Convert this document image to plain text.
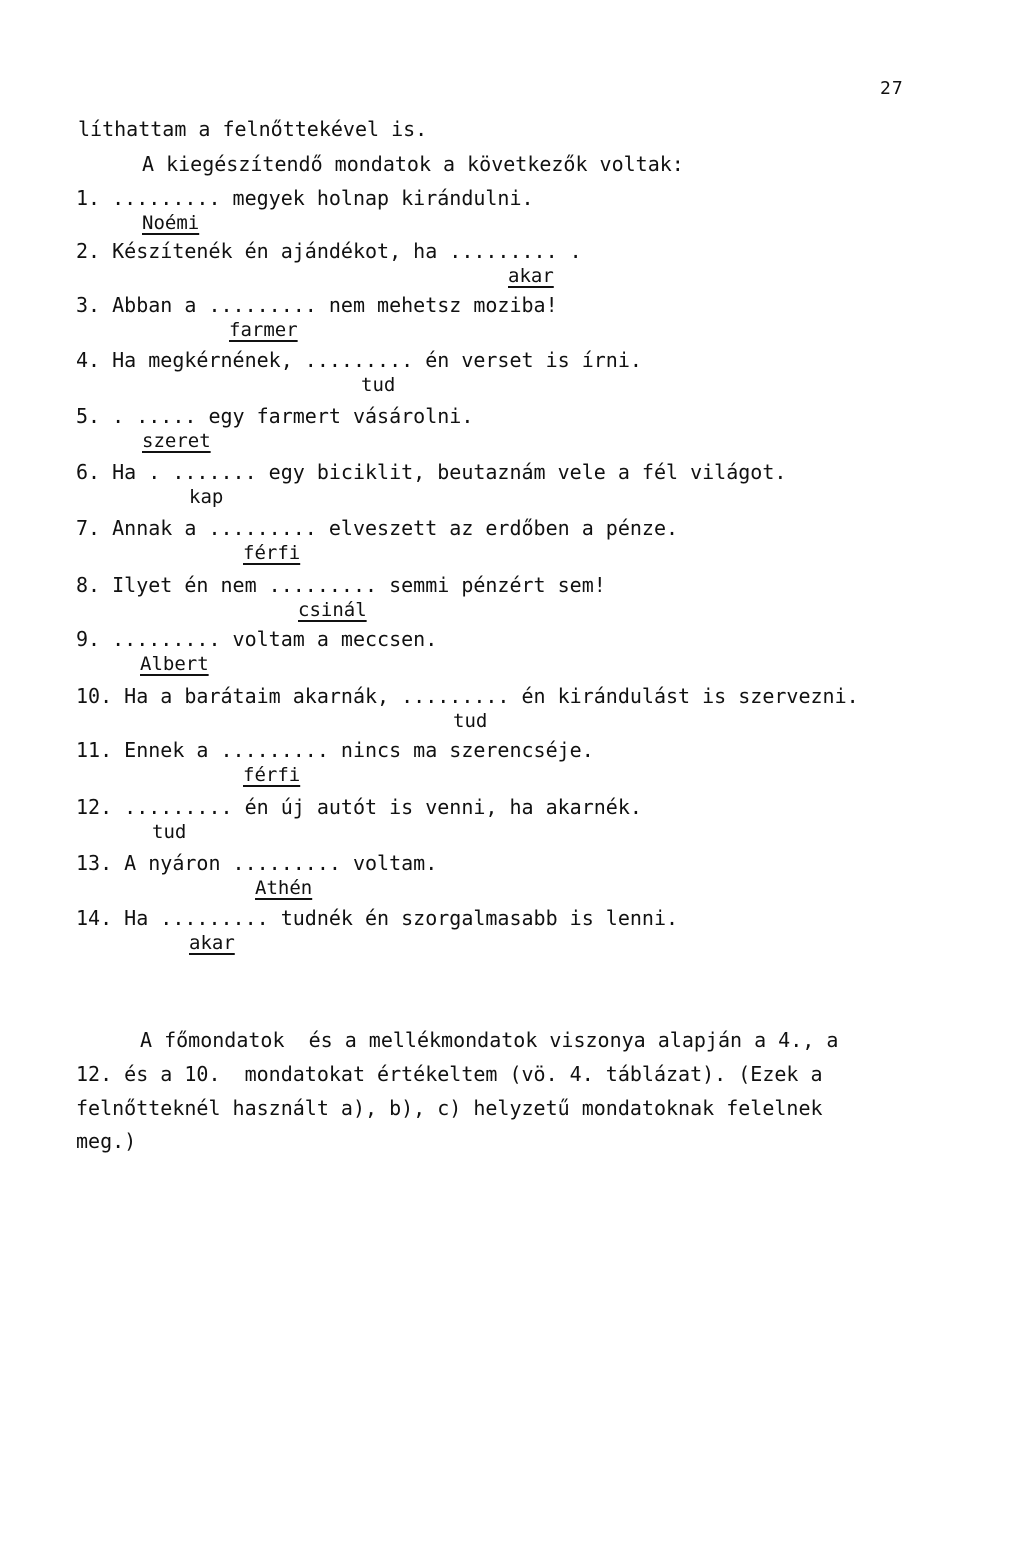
27
líthattam a felnőttekével is.
A kiegészítendő mondatok a következők voltak:
1. ......... megyek holnap kirándulni.
Noémi
2. Készítenék én ajándékot, ha ......... .
akar
3. Abban a ......... nem mehetsz moziba!
farmer
4. Ha megkérnének, ......... én verset is írni.
tud
5. . ..... egy farmert vásárolni.
szeret
6. Ha . ....... egy biciklit, beutaznám vele a fél világot.
kap
7. Annak a ......... elveszett az erdőben a pénze.
férfi
8. Ilyet én nem ......... semmi pénzért sem!
csinál
9. ......... voltam a meccsen.
Albert
10. Ha a barátaim akarnák, ......... én kirándulást is szervezni.
tud
11. Ennek a ......... nincs ma szerencséje.
férfi
12. ......... én új autót is venni, ha akarnék.
tud
13. A nyáron ......... voltam.
Athén
14. Ha ......... tudnék én szorgalmasabb is lenni.
akar
A főmondatok  és a mellékmondatok viszonya alapján a 4., a
12. és a 10.  mondatokat értékeltem (vö. 4. táblázat). (Ezek a
felnőtteknél használt a), b), c) helyzetű mondatoknak felelnek
meg.)
